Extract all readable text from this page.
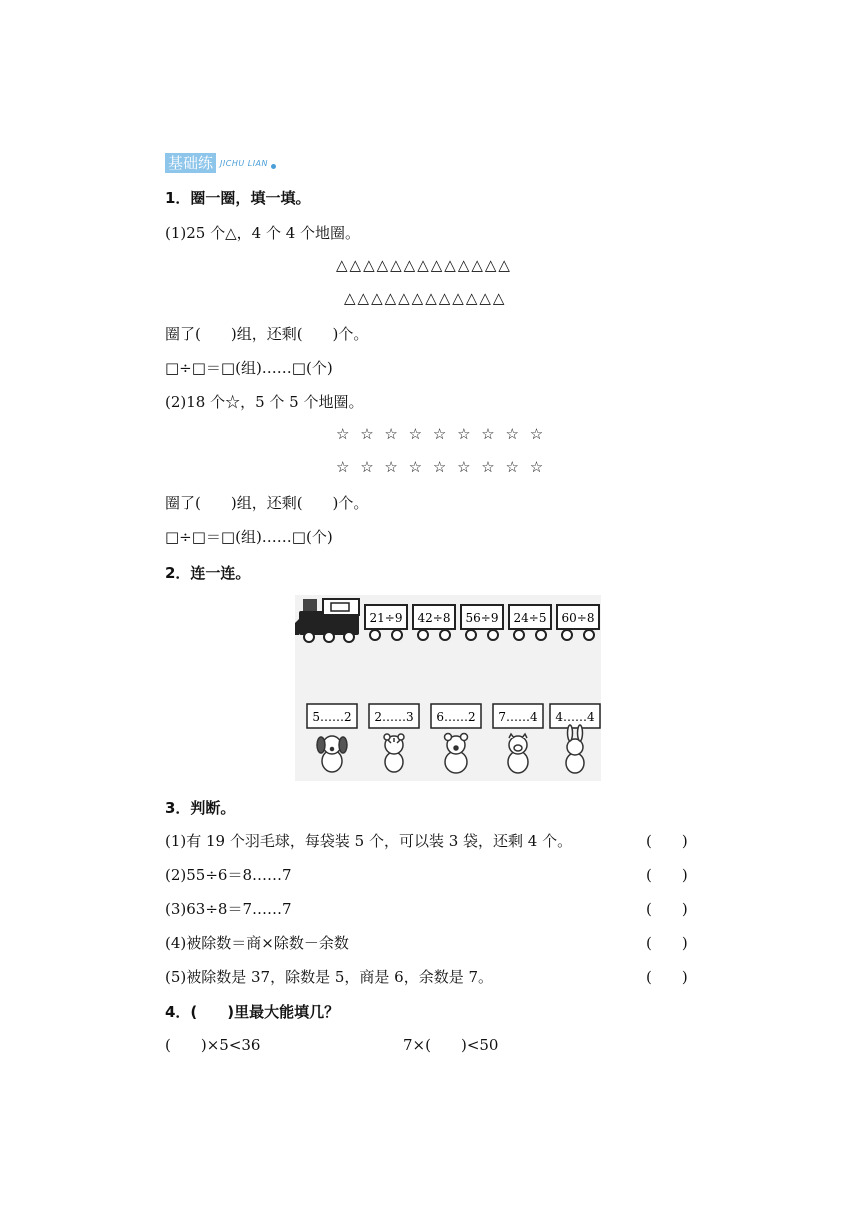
基础练 JICHU LIAN
1．圈一圈，填一填。
(1)25 个△，4 个 4 个地圈。
△△△△△△△△△△△△△
△△△△△△△△△△△△
圈了(　　)组，还剩(　　)个。
□÷□＝□(组)……□(个)
(2)18 个☆，5 个 5 个地圈。
☆ ☆ ☆ ☆ ☆ ☆ ☆ ☆ ☆
☆ ☆ ☆ ☆ ☆ ☆ ☆ ☆ ☆
圈了(　　)组，还剩(　　)个。
□÷□＝□(组)……□(个)
2．连一连。
21÷9 42÷8 56÷9 24÷5 60÷8
5……2 2……3 6……2 7……4 4……4
3．判断。
(1)有 19 个羽毛球，每袋装 5 个，可以装 3 袋，还剩 4 个。	(　　)
(2)55÷6＝8……7	(　　)
(3)63÷8＝7……7	(　　)
(4)被除数＝商×除数－余数	(　　)
(5)被除数是 37，除数是 5，商是 6，余数是 7。	(　　)
4．(　　)里最大能填几？
(　　)×5<36	7×(　　)<50
